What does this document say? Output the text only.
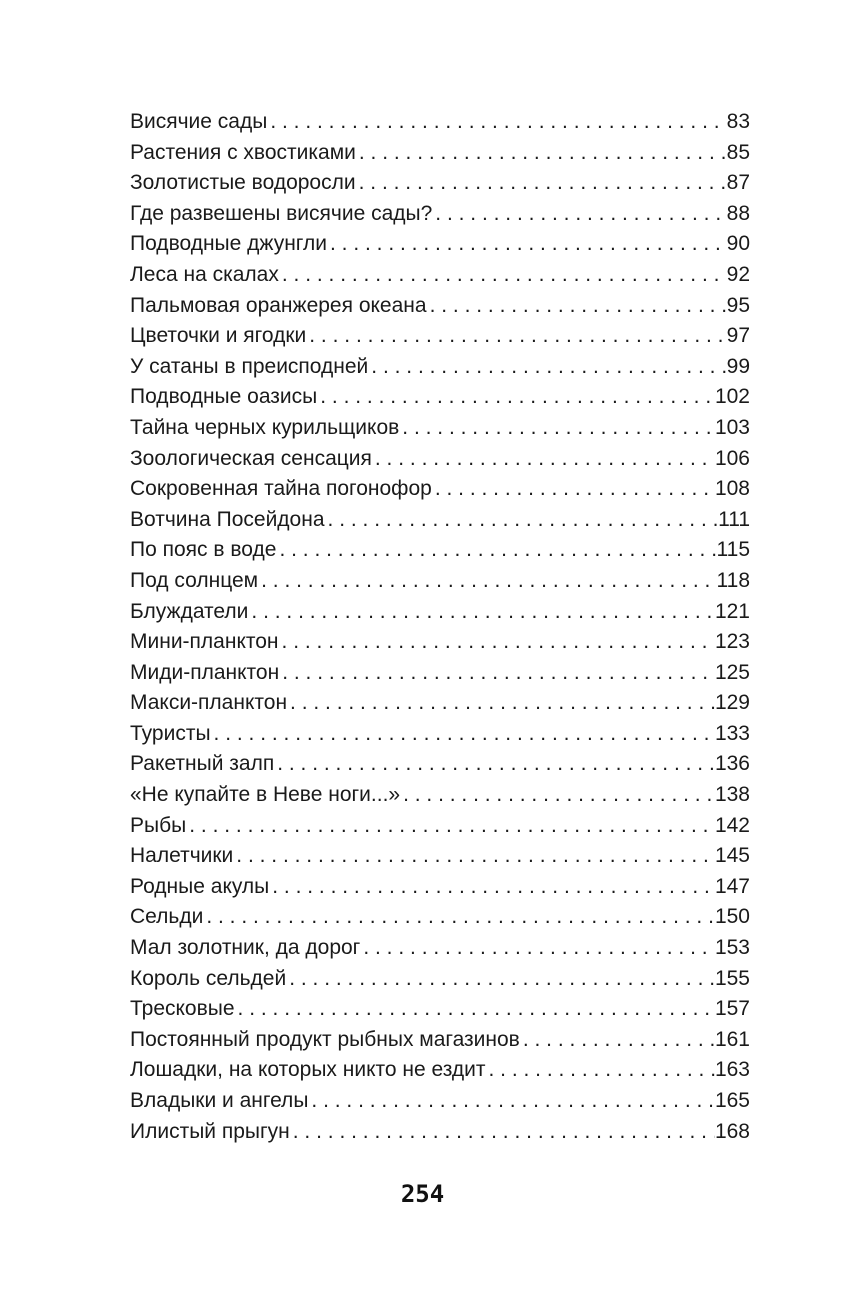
Висячие сады . . .	83
Растения с хвостиками . . .	85
Золотистые водоросли . . .	87
Где развешены висячие сады? . . .	88
Подводные джунгли . . .	90
Леса на скалах . . .	92
Пальмовая оранжерея океана . . .	95
Цветочки и ягодки . . .	97
У сатаны в преисподней . . .	99
Подводные оазисы . . .	102
Тайна черных курильщиков . . .	103
Зоологическая сенсация . . .	106
Сокровенная тайна погонофор . . .	108
Вотчина Посейдона . . .	111
По пояс в воде . . .	115
Под солнцем . . .	118
Блуждатели . . .	121
Мини-планктон . . .	123
Миди-планктон . . .	125
Макси-планктон . . .	129
Туристы . . .	133
Ракетный залп . . .	136
«Не купайте в Неве ноги...» . . .	138
Рыбы . . .	142
Налетчики . . .	145
Родные акулы . . .	147
Сельди . . .	150
Мал золотник, да дорог . . .	153
Король сельдей . . .	155
Тресковые . . .	157
Постоянный продукт рыбных магазинов . . .	161
Лошадки, на которых никто не ездит . . .	163
Владыки и ангелы . . .	165
Илистый прыгун . . .	168
254
